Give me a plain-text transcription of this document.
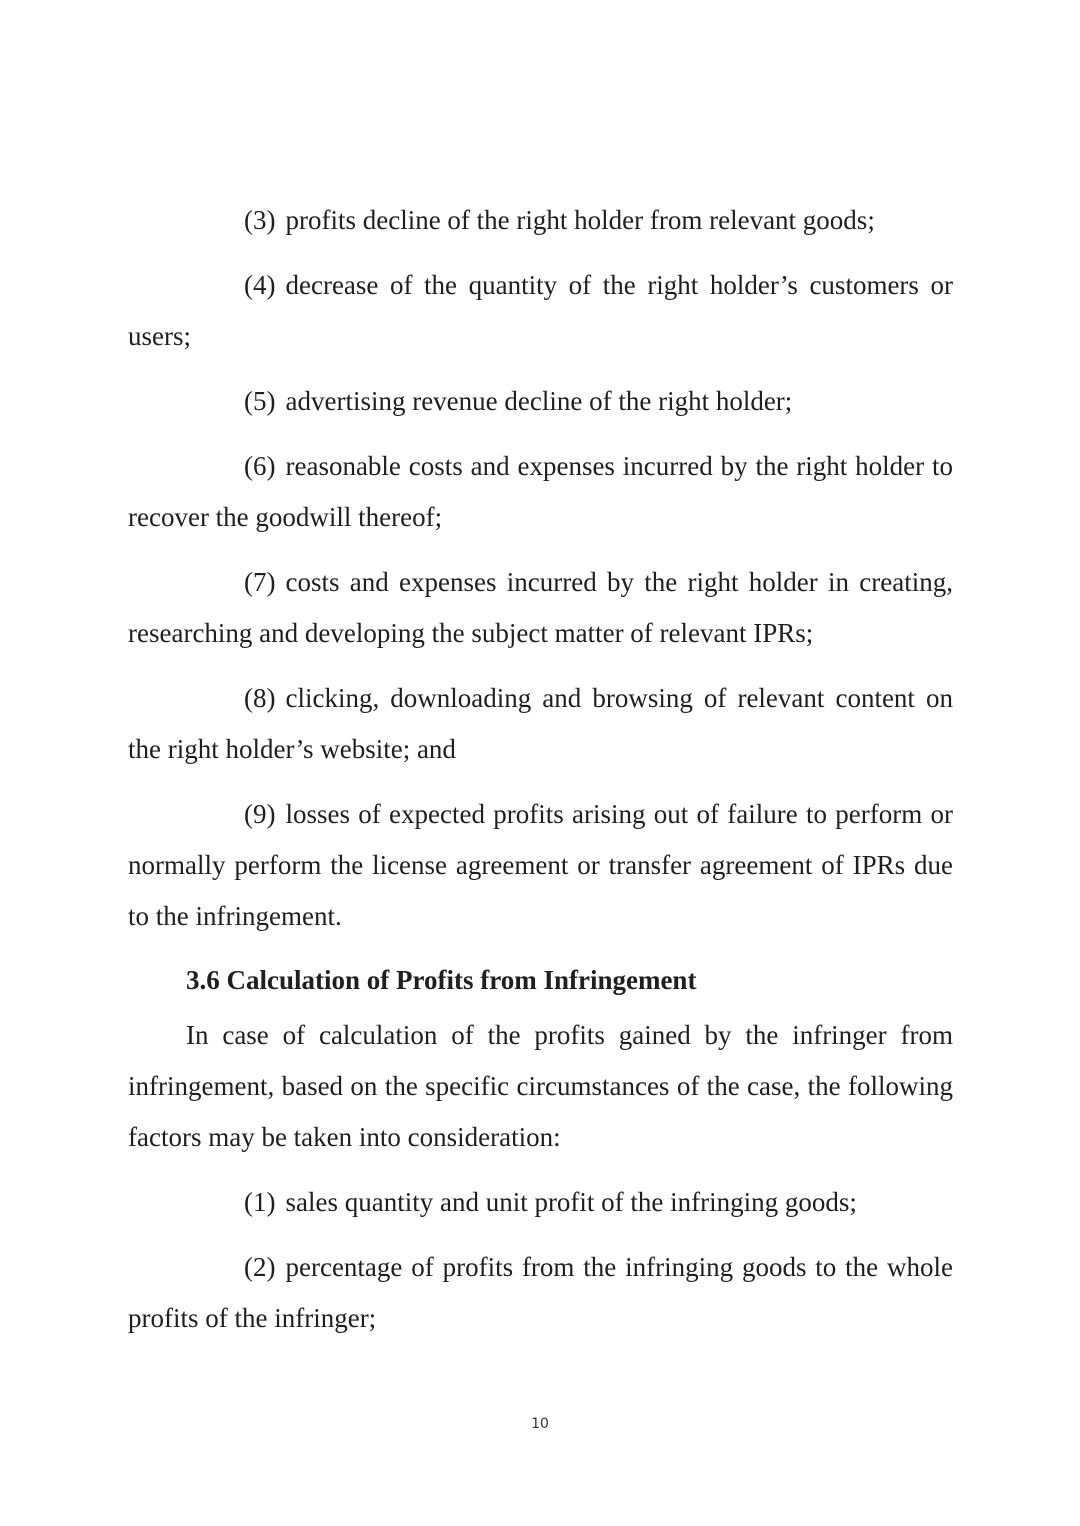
(3) profits decline of the right holder from relevant goods;

(4) decrease of the quantity of the right holder’s customers or users;

(5) advertising revenue decline of the right holder;

(6) reasonable costs and expenses incurred by the right holder to recover the goodwill thereof;

(7) costs and expenses incurred by the right holder in creating, researching and developing the subject matter of relevant IPRs;

(8) clicking, downloading and browsing of relevant content on the right holder’s website; and

(9) losses of expected profits arising out of failure to perform or normally perform the license agreement or transfer agreement of IPRs due to the infringement.

3.6 Calculation of Profits from Infringement

In case of calculation of the profits gained by the infringer from infringement, based on the specific circumstances of the case, the following factors may be taken into consideration:

(1) sales quantity and unit profit of the infringing goods;

(2) percentage of profits from the infringing goods to the whole profits of the infringer;

10
